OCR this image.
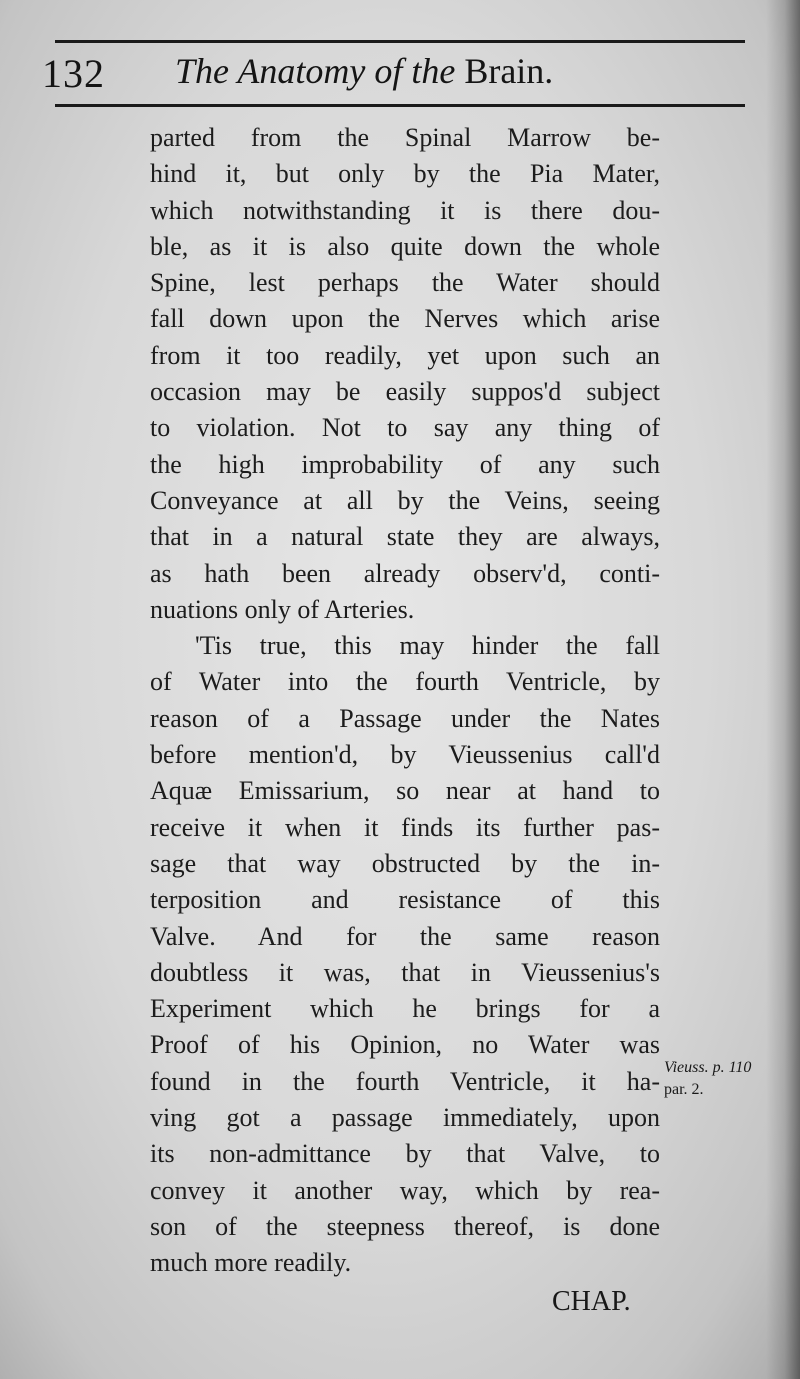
132 The Anatomy of the Brain.
parted from the Spinal Marrow be-
hind it, but only by the Pia Mater,
which notwithstanding it is there dou-
ble, as it is also quite down the whole
Spine, lest perhaps the Water should
fall down upon the Nerves which arise
from it too readily, yet upon such an
occasion may be easily suppos'd subject
to violation. Not to say any thing of
the high improbability of any such
Conveyance at all by the Veins, seeing
that in a natural state they are always,
as hath been already observ'd, conti-
nuations only of Arteries.
'Tis true, this may hinder the fall
of Water into the fourth Ventricle, by
reason of a Passage under the Nates
before mention'd, by Vieussenius call'd
Aquæ Emissarium, so near at hand to
receive it when it finds its further pas-
sage that way obstructed by the in-
terposition and resistance of this
Valve. And for the same reason
doubtless it was, that in Vieussenius's
Experiment which he brings for a
Proof of his Opinion, no Water was
found in the fourth Ventricle, it ha-
ving got a passage immediately, upon
its non-admittance by that Valve, to
convey it another way, which by rea-
son of the steepness thereof, is done
much more readily.
Vieuss. p. 110
par. 2.
CHAP.
